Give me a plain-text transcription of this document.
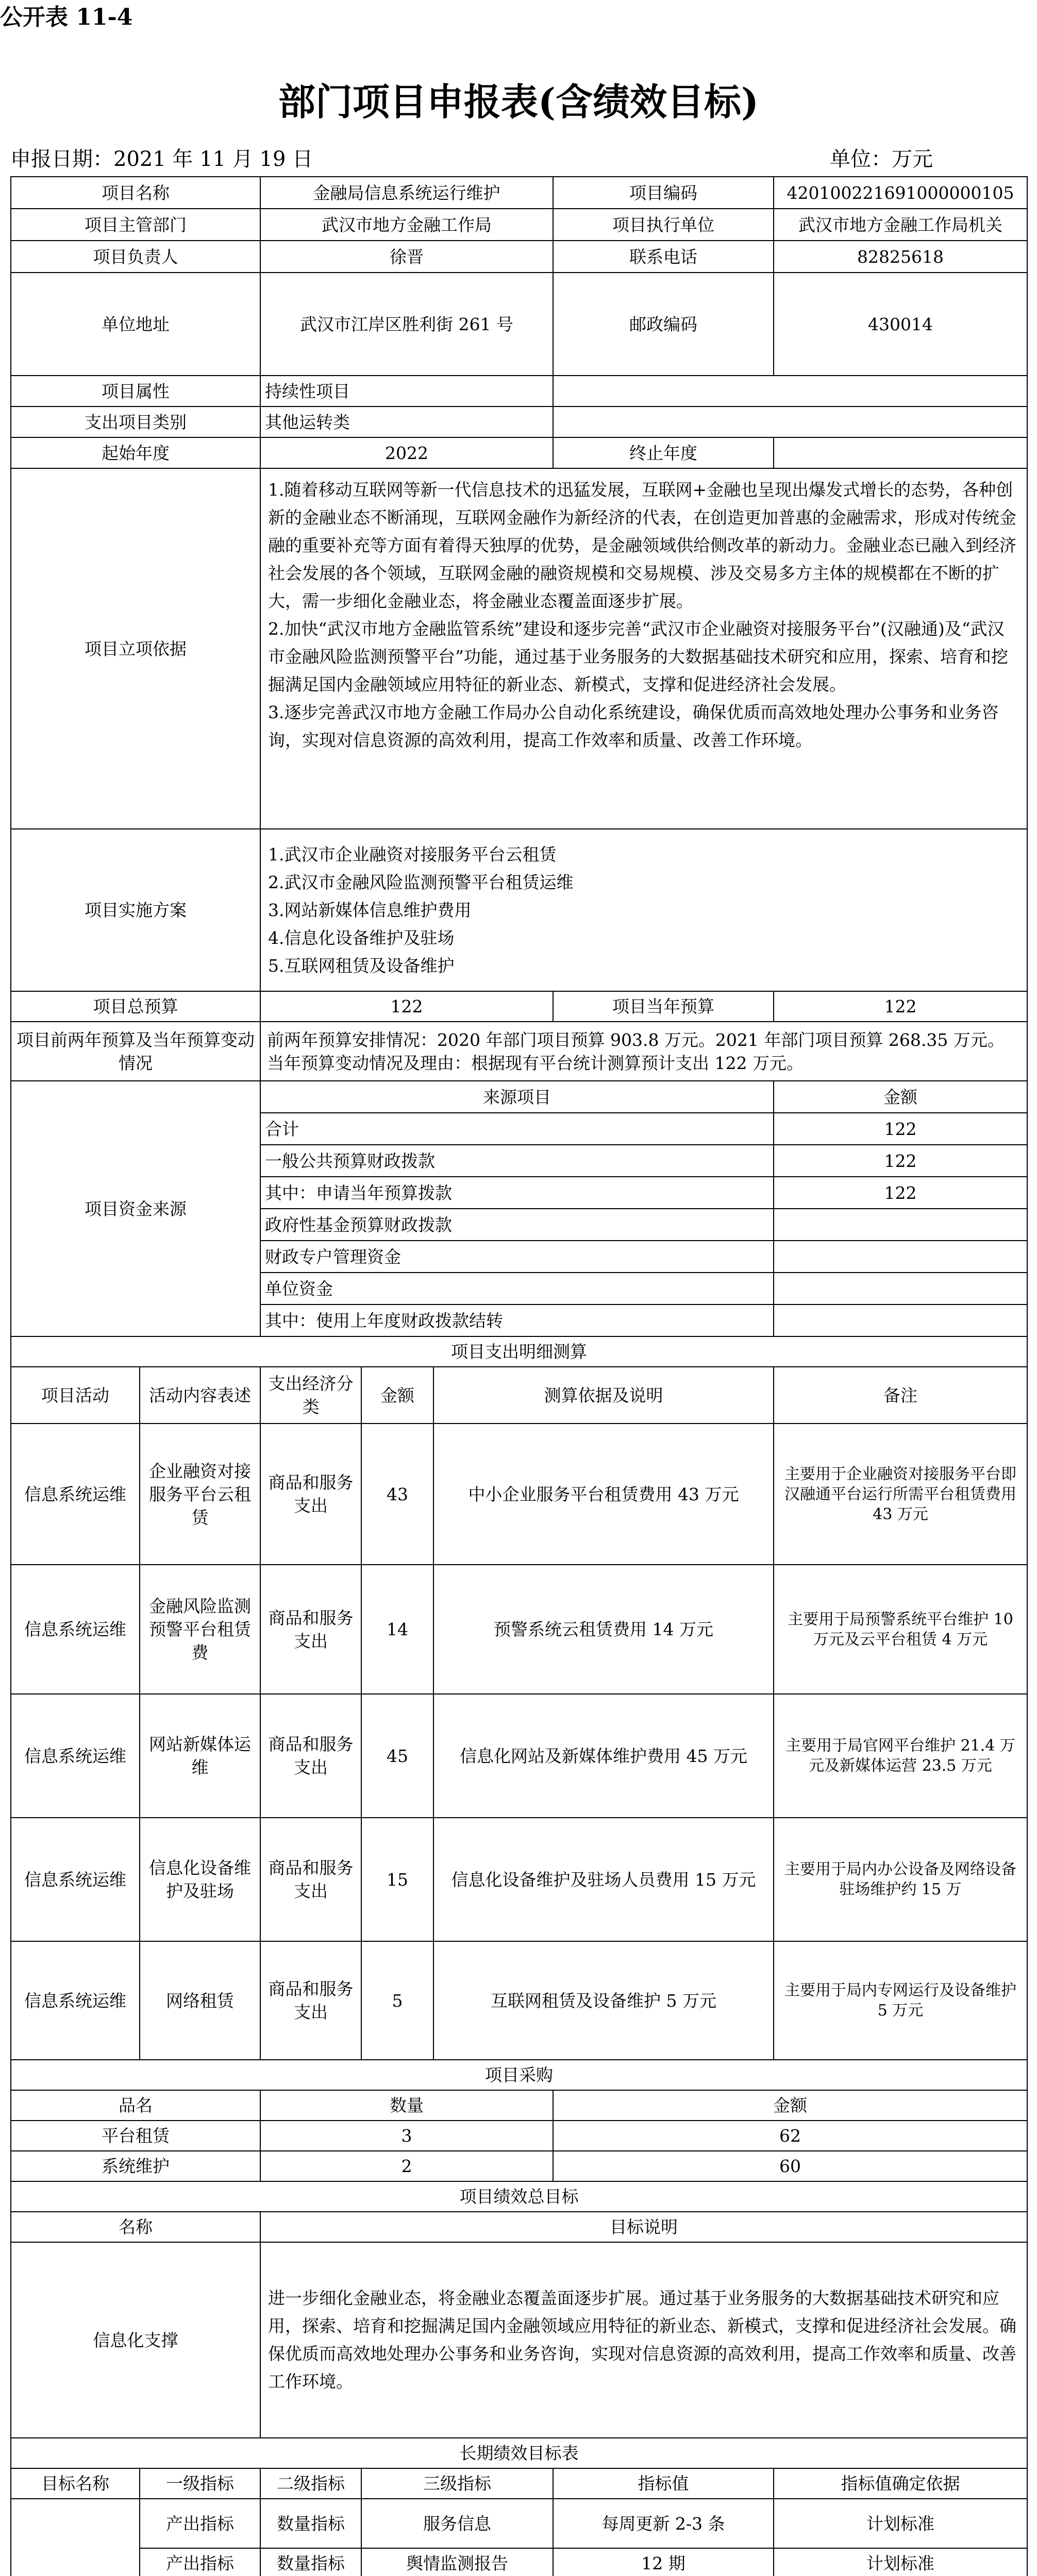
公开表 11-4
部门项目申报表(含绩效目标)
申报日期：2021 年 11 月 19 日	单位：万元
项目名称		金融局信息系统运行维护			项目编码	420100221691000000105	
项目主管部门		武汉市地方金融工作局			项目执行单位	武汉市地方金融工作局机关	
项目负责人		徐晋			联系电话	82825618	
单位地址		武汉市江岸区胜利街 261 号			邮政编码	430014	
项目属性		持续性项目					
支出项目类别		其他运转类					
起始年度		2022			终止年度		
项目立项依据		1.随着移动互联网等新一代信息技术的迅猛发展，互联网+金融也呈现出爆发式增长的态势，各种创新的金融业态不断涌现，互联网金融作为新经济的代表，在创造更加普惠的金融需求，形成对传统金融的重要补充等方面有着得天独厚的优势，是金融领域供给侧改革的新动力。金融业态已融入到经济社会发展的各个领域，互联网金融的融资规模和交易规模、涉及交易多方主体的规模都在不断的扩大，需一步细化金融业态，将金融业态覆盖面逐步扩展。
2.加快“武汉市地方金融监管系统”建设和逐步完善“武汉市企业融资对接服务平台”(汉融通)及“武汉市金融风险监测预警平台”功能，通过基于业务服务的大数据基础技术研究和应用，探索、培育和挖掘满足国内金融领域应用特征的新业态、新模式，支撑和促进经济社会发展。
3.逐步完善武汉市地方金融工作局办公自动化系统建设，确保优质而高效地处理办公事务和业务咨询，实现对信息资源的高效利用，提高工作效率和质量、改善工作环境。					

项目实施方案		1.武汉市企业融资对接服务平台云租赁
2.武汉市金融风险监测预警平台租赁运维
3.网站新媒体信息维护费用
4.信息化设备维护及驻场
5.互联网租赁及设备维护					

项目总预算		122			项目当年预算	122	
项目前两年预算及当年预算变动情况		前两年预算安排情况：2020 年部门项目预算 903.8 万元。2021 年部门项目预算 268.35 万元。
当年预算变动情况及理由：根据现有平台统计测算预计支出 122 万元。					

项目资金来源		来源项目				金额	
		合计				122	
		一般公共预算财政拨款				122	
		其中：申请当年预算拨款				122	
		政府性基金预算财政拨款					
		财政专户管理资金					
		单位资金					
		其中：使用上年度财政拨款结转					
项目支出明细测算							
项目活动	活动内容表述	支出经济分类	金额	测算依据及说明		备注	
信息系统运维	企业融资对接服务平台云租赁	商品和服务支出	43	中小企业服务平台租赁费用 43 万元		主要用于企业融资对接服务平台即汉融通平台运行所需平台租赁费用 43 万元	
信息系统运维	金融风险监测预警平台租赁费	商品和服务支出	14	预警系统云租赁费用 14 万元		主要用于局预警系统平台维护 10 万元及云平台租赁 4 万元	
信息系统运维	网站新媒体运维	商品和服务支出	45	信息化网站及新媒体维护费用 45 万元		主要用于局官网平台维护 21.4 万元及新媒体运营 23.5 万元	
信息系统运维	信息化设备维护及驻场	商品和服务支出	15	信息化设备维护及驻场人员费用 15 万元		主要用于局内办公设备及网络设备驻场维护约 15 万	
信息系统运维	网络租赁	商品和服务支出	5	互联网租赁及设备维护 5 万元		主要用于局内专网运行及设备维护 5 万元	
项目采购							
品名		数量			金额		
平台租赁		3			62		
系统维护		2			60		
项目绩效总目标							
名称		目标说明					
信息化支撑		进一步细化金融业态，将金融业态覆盖面逐步扩展。通过基于业务服务的大数据基础技术研究和应用，探索、培育和挖掘满足国内金融领域应用特征的新业态、新模式，支撑和促进经济社会发展。确保优质而高效地处理办公事务和业务咨询，实现对信息资源的高效利用，提高工作效率和质量、改善工作环境。					
长期绩效目标表							
目标名称	一级指标	二级指标	三级指标		指标值	指标值确定依据	
	产出指标	数量指标	服务信息		每周更新 2-3 条	计划标准	
	产出指标	数量指标	舆情监测报告		12 期	计划标准	
